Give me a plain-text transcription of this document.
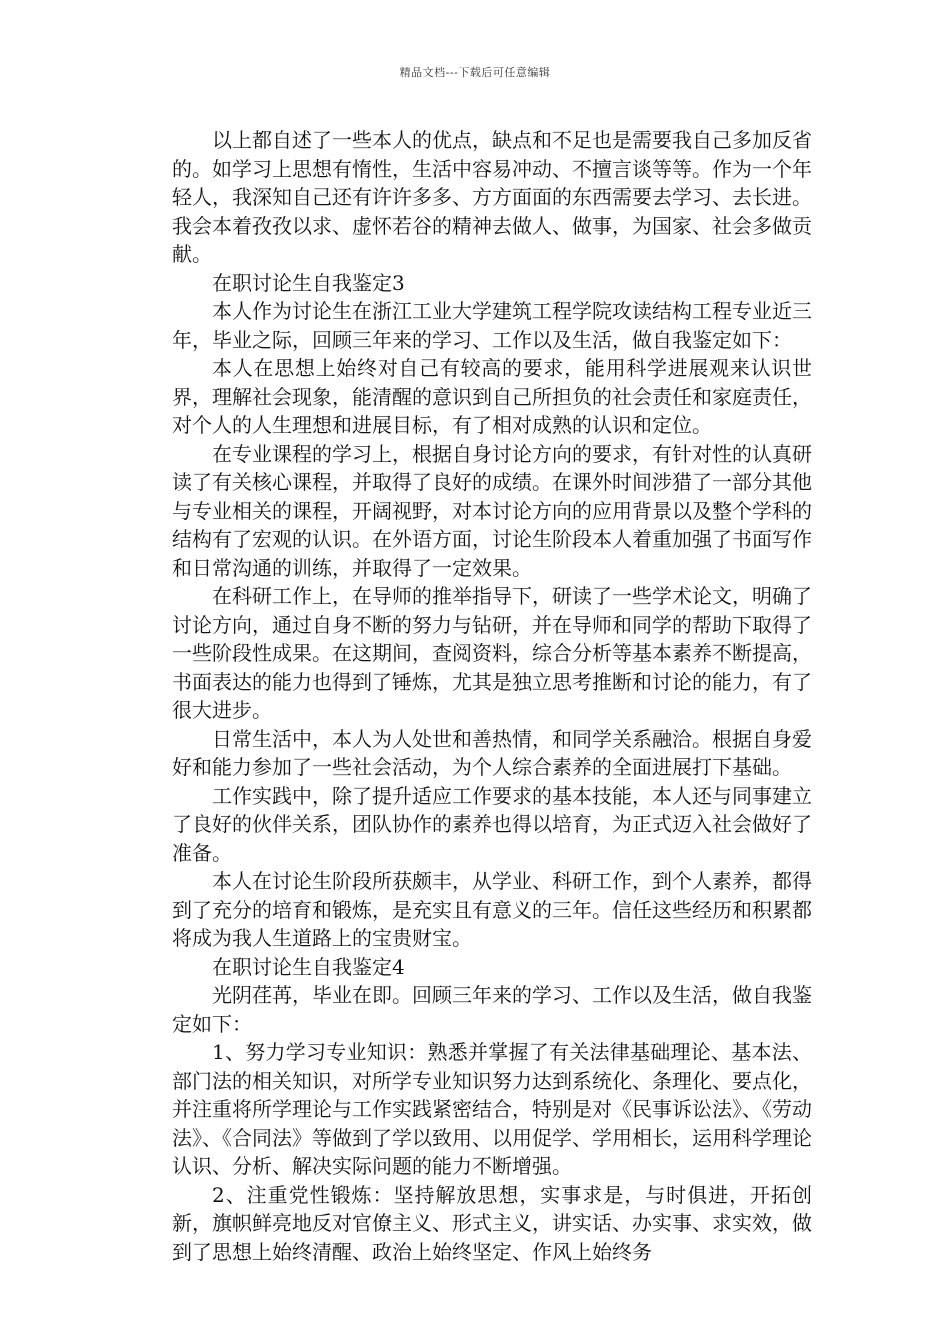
精品文档---下载后可任意编辑

以上都自述了一些本人的优点，缺点和不足也是需要我自己多加反省的。如学习上思想有惰性，生活中容易冲动、不擅言谈等等。作为一个年轻人，我深知自己还有许许多多、方方面面的东西需要去学习、去长进。我会本着孜孜以求、虚怀若谷的精神去做人、做事，为国家、社会多做贡献。

在职讨论生自我鉴定3

本人作为讨论生在浙江工业大学建筑工程学院攻读结构工程专业近三年，毕业之际，回顾三年来的学习、工作以及生活，做自我鉴定如下：

本人在思想上始终对自己有较高的要求，能用科学进展观来认识世界，理解社会现象，能清醒的意识到自己所担负的社会责任和家庭责任，对个人的人生理想和进展目标，有了相对成熟的认识和定位。

在专业课程的学习上，根据自身讨论方向的要求，有针对性的认真研读了有关核心课程，并取得了良好的成绩。在课外时间涉猎了一部分其他与专业相关的课程，开阔视野，对本讨论方向的应用背景以及整个学科的结构有了宏观的认识。在外语方面，讨论生阶段本人着重加强了书面写作和日常沟通的训练，并取得了一定效果。

在科研工作上，在导师的推举指导下，研读了一些学术论文，明确了讨论方向，通过自身不断的努力与钻研，并在导师和同学的帮助下取得了一些阶段性成果。在这期间，查阅资料，综合分析等基本素养不断提高，书面表达的能力也得到了锤炼，尤其是独立思考推断和讨论的能力，有了很大进步。

日常生活中，本人为人处世和善热情，和同学关系融洽。根据自身爱好和能力参加了一些社会活动，为个人综合素养的全面进展打下基础。

工作实践中，除了提升适应工作要求的基本技能，本人还与同事建立了良好的伙伴关系，团队协作的素养也得以培育，为正式迈入社会做好了准备。

本人在讨论生阶段所获颇丰，从学业、科研工作，到个人素养，都得到了充分的培育和锻炼，是充实且有意义的三年。信任这些经历和积累都将成为我人生道路上的宝贵财宝。

在职讨论生自我鉴定4

光阴荏苒，毕业在即。回顾三年来的学习、工作以及生活，做自我鉴定如下：

1、努力学习专业知识：熟悉并掌握了有关法律基础理论、基本法、部门法的相关知识，对所学专业知识努力达到系统化、条理化、要点化，并注重将所学理论与工作实践紧密结合，特别是对《民事诉讼法》、《劳动法》、《合同法》等做到了学以致用、以用促学、学用相长，运用科学理论认识、分析、解决实际问题的能力不断增强。

2、注重党性锻炼：坚持解放思想，实事求是，与时俱进，开拓创新，旗帜鲜亮地反对官僚主义、形式主义，讲实话、办实事、求实效，做到了思想上始终清醒、政治上始终坚定、作风上始终务
